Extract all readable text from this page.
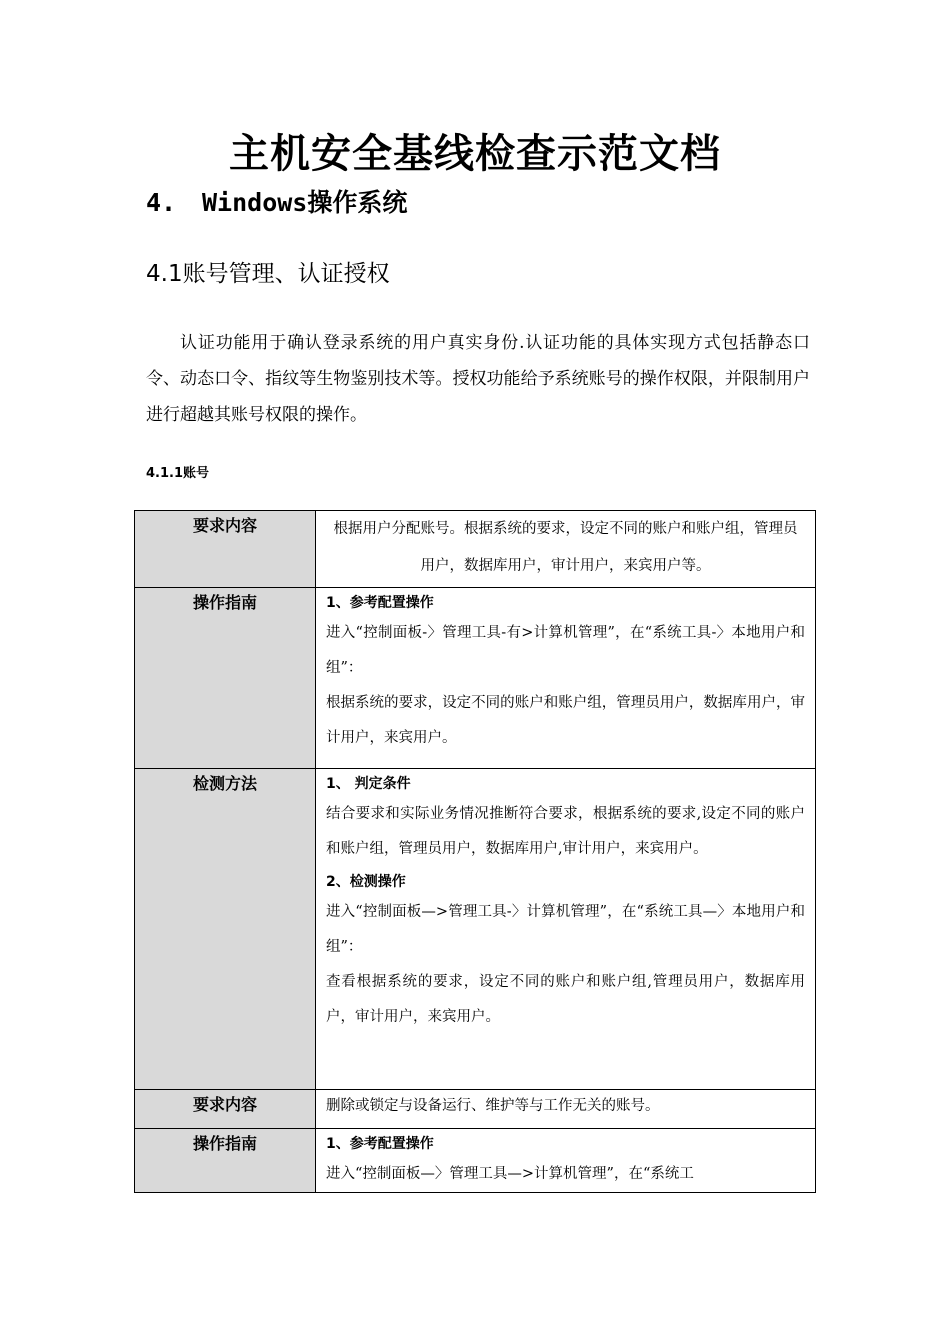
主机安全基线检查示范文档
4. Windows操作系统
4.1账号管理、认证授权

认证功能用于确认登录系统的用户真实身份.认证功能的具体实现方式包括静态口令、动态口令、指纹等生物鉴别技术等。授权功能给予系统账号的操作权限，并限制用户进行超越其账号权限的操作。

4.1.1账号
要求内容	根据用户分配账号。根据系统的要求，设定不同的账户和账户组，管理员用户，数据库用户，审计用户，来宾用户等。
操作指南	1、参考配置操作
进入“控制面板-〉管理工具-有>计算机管理”，在“系统工具-〉本地用户和组”：
根据系统的要求，设定不同的账户和账户组，管理员用户，数据库用户，审计用户，来宾用户。

检测方法	1、 判定条件
结合要求和实际业务情况推断符合要求，根据系统的要求,设定不同的账户和账户组，管理员用户，数据库用户,审计用户，来宾用户。
2、检测操作
进入“控制面板—>管理工具-〉计算机管理”，在“系统工具—〉本地用户和组”：
查看根据系统的要求，设定不同的账户和账户组,管理员用户，数据库用户，审计用户，来宾用户。

要求内容	删除或锁定与设备运行、维护等与工作无关的账号。
操作指南	1、参考配置操作
进入“控制面板—〉管理工具—>计算机管理”，在“系统工
